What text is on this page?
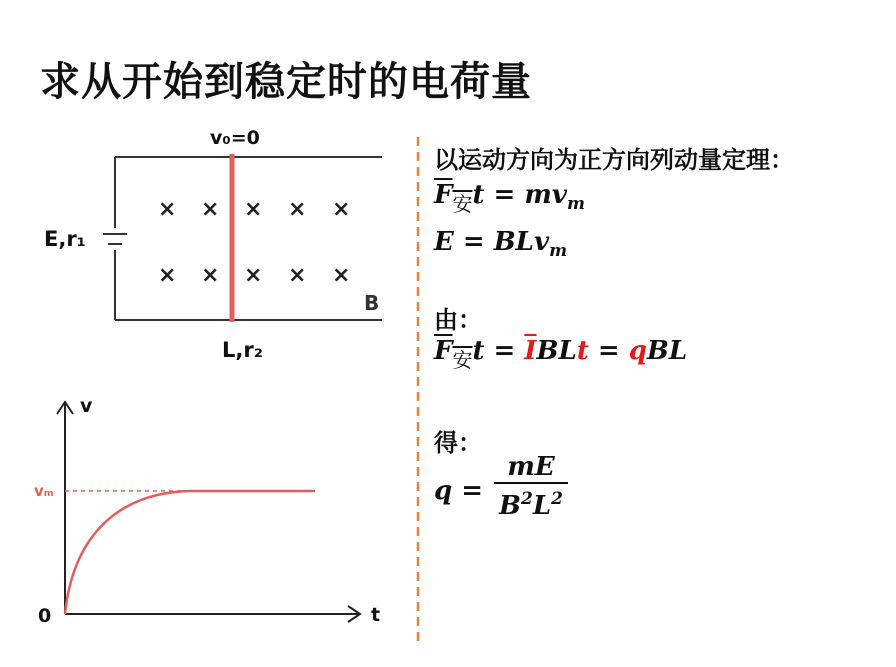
求从开始到稳定时的电荷量
× × × × ×
× × × × ×
v₀=0
E,r₁
B
L,r₂
v
t
0
vₘ
以运动方向为正方向列动量定理：
$F_安t = mv_m$
E = BLv$_m$
由：
$F_安t = \overline{I}BLt$ = qBL
得：
q =
mE
$B^2L^2$
